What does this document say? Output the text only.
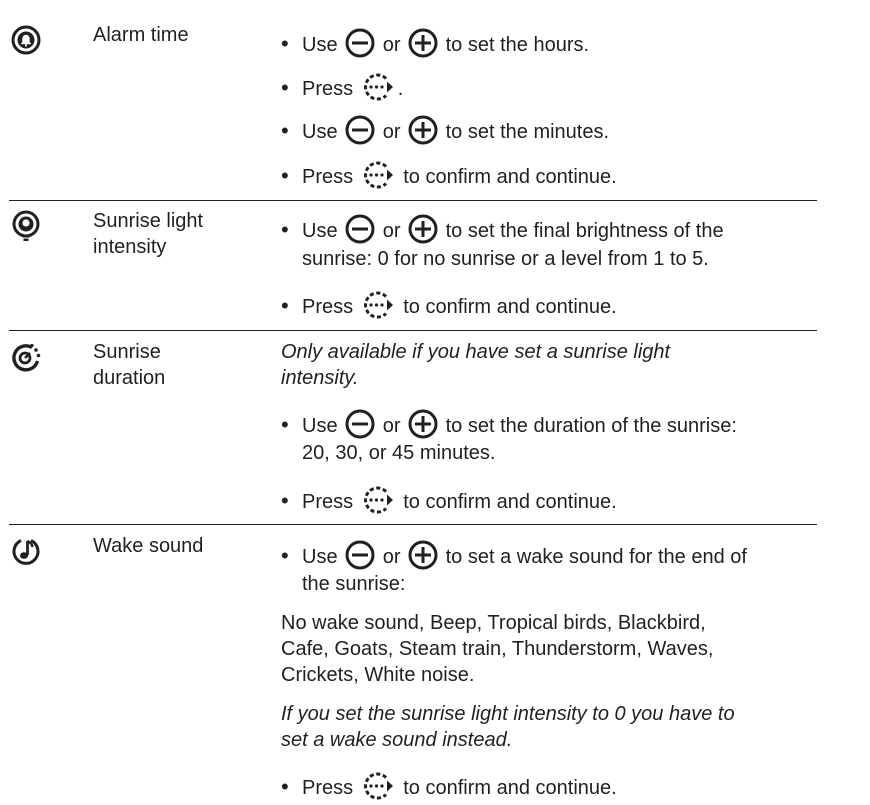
Alarm time •	Use or to set the hours.
•Press .
•Use or to set the minutes.
•Press	to confirm and continue.
Sunrise light
intensity
•Use or to set the final brightness of the
sunrise: 0 for no sunrise or a level from 1 to 5.
•Press	to confirm and continue.
Sunrise
duration
Only available if you have set a sunrise light
intensity.
•Use or to set the duration of the sunrise:
20, 30, or 45 minutes.
•Press	to confirm and continue.
Wake sound •	Use or to set a wake sound for the end of
the sunrise:
No wake sound, Beep, Tropical birds, Blackbird,
Cafe, Goats, Steam train, Thunderstorm, Waves,
Crickets, White noise.
If you set the sunrise light intensity to 0 you have to
set a wake sound instead.
•Press	to confirm and continue.
